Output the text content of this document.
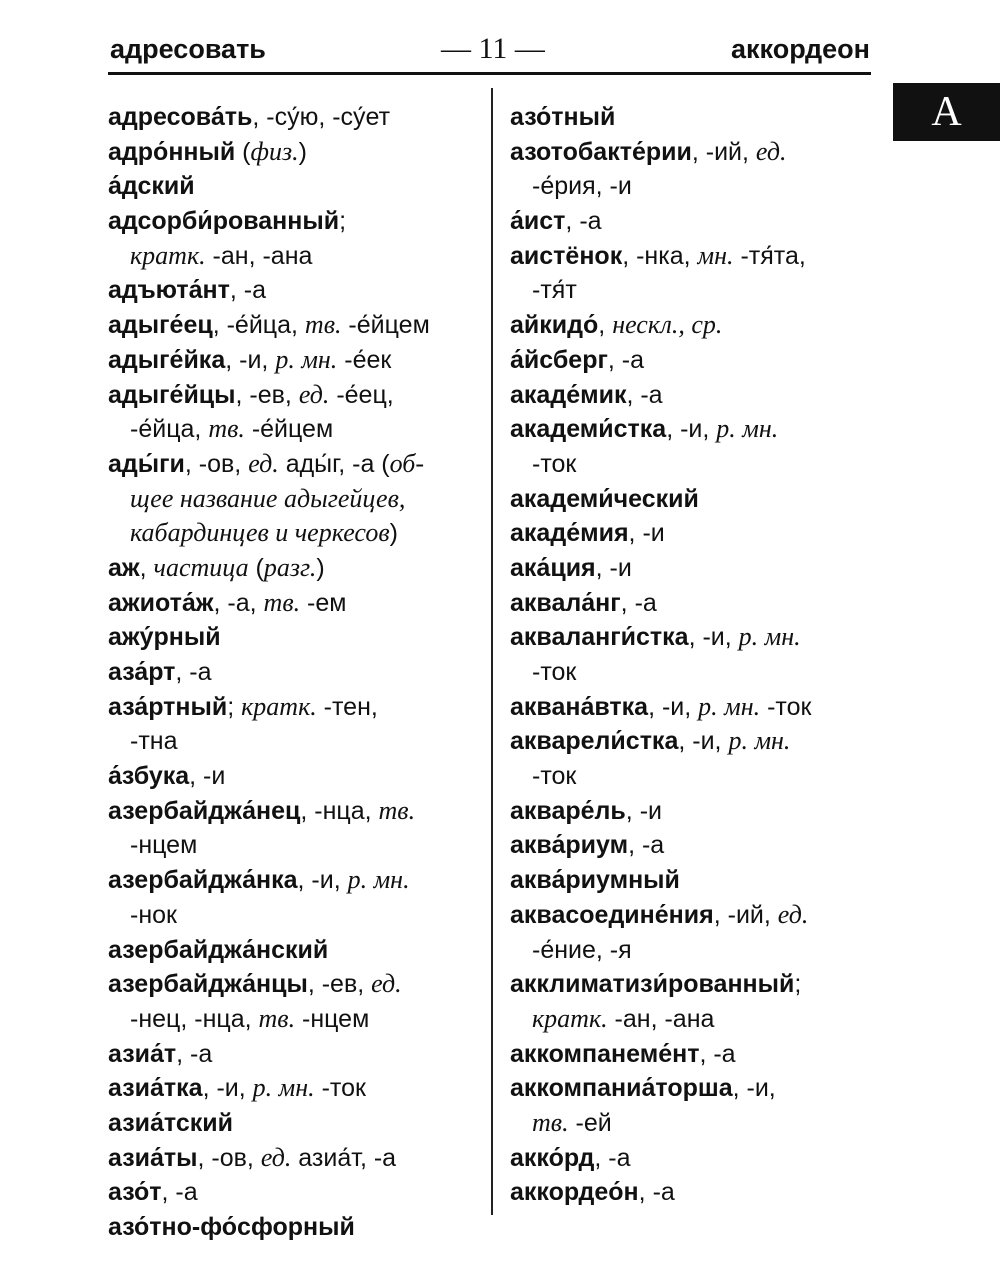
адресовать	— 11 —	аккордеон
А
адресова́ть, -су́ю, -су́ет
адро́нный (физ.)
а́дский
адсорби́рованный;
кратк. -ан, -ана
адъюта́нт, -а
адыге́ец, -е́йца, тв. -е́йцем
адыге́йка, -и, р. мн. -е́ек
адыге́йцы, -ев, ед. -е́ец,
-е́йца, тв. -е́йцем
ады́ги, -ов, ед. ады́г, -а (об-
щее название адыгейцев,
кабардинцев и черкесов)
аж, частица (разг.)
ажиота́ж, -а, тв. -ем
ажу́рный
аза́рт, -а
аза́ртный; кратк. -тен,
-тна
а́збука, -и
азербайджа́нец, -нца, тв.
-нцем
азербайджа́нка, -и, р. мн.
-нок
азербайджа́нский
азербайджа́нцы, -ев, ед.
-нец, -нца, тв. -нцем
азиа́т, -а
азиа́тка, -и, р. мн. -ток
азиа́тский
азиа́ты, -ов, ед. азиа́т, -а
азо́т, -а
азо́тно-фо́сфорный
азо́тный
азотобакте́рии, -ий, ед.
-е́рия, -и
а́ист, -а
аистёнок, -нка, мн. -тя́та,
-тя́т
айкидо́, нескл., ср.
а́йсберг, -а
акаде́мик, -а
академи́стка, -и, р. мн.
-ток
академи́ческий
акаде́мия, -и
ака́ция, -и
аквала́нг, -а
акваланги́стка, -и, р. мн.
-ток
аквана́втка, -и, р. мн. -ток
акварели́стка, -и, р. мн.
-ток
акваре́ль, -и
аква́риум, -а
аква́риумный
аквасоедине́ния, -ий, ед.
-е́ние, -я
акклиматизи́рованный;
кратк. -ан, -ана
аккомпанеме́нт, -а
аккомпаниа́торша, -и,
тв. -ей
акко́рд, -а
аккордео́н, -а
